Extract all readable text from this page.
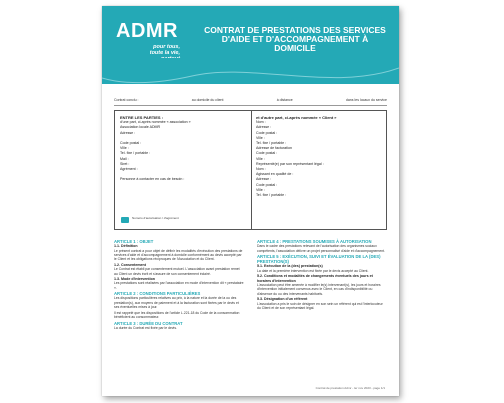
ADMR
pour tous,
toute la vie,
CONTRAT DE PRESTATIONS DES SERVICES D'AIDE ET D'ACCOMPAGNEMENT À DOMICILE
Contrat conclu :	au domicile du client	à distance	dans les locaux du service
ENTRE LES PARTIES :
d'une part, ci-après nommée « association »
Association locale ADMR
Adresse :

Code postal :
Ville :
Tel. fixe / portable :
Mail :
Siret :
Agrément :

Personne à contacter en cas de besoin :
Numéro d'autorisation / d'agrément
et d'autre part, ci-après nommée « Client »
Nom :
Adresse :
Code postal :
Ville :
Tel. fixe / portable :
Adresse de facturation
Code postal :
Ville :
Représenté(e) par son représentant légal :
Nom :
Agissant en qualité de :
Adresse :
Code postal :
Ville :
Tel. fixe / portable :
ARTICLE 1 : OBJET
1.1. Définition
Le présent contrat a pour objet de définir les modalités d'exécution des prestations de services d'aide et d'accompagnement à domicile conformément au devis accepté par le Client et les obligations réciproques de l'Association et du Client.
1.2. Consentement
Le Contrat est établi par consentement mutuel. L'association avant prestation remet au Client un devis écrit et s'assure de son consentement éclairé.
1.3. Mode d'intervention
Les prestations sont réalisées par l'association en mode d'intervention dit « prestataire ».
ARTICLE 2 : CONDITIONS PARTICULIÈRES
Les dispositions particulières relatives au prix, à la nature et la durée de la ou des prestation(s), aux moyens de paiement et à la facturation sont fixées par le devis et ses éventuelles mises à jour.
Il est rappelé que les dispositions de l'article L.221-18 du Code de la consommation bénéficient au consommateur.
ARTICLE 3 : DURÉE DU CONTRAT
La durée du Contrat est fixée par le devis.
ARTICLE 4 : PRESTATIONS SOUMISES À AUTORISATION
Dans le cadre des prestations relevant de l'autorisation des organismes sociaux compétents, l'association délivre un projet personnalisé d'aide et d'accompagnement.
ARTICLE 5 : EXÉCUTION, SUIVI ET ÉVALUATION DE LA (DES) PRESTATION(S)
5.1. Exécution de la (des) prestation(s)
La date et la première intervention est fixée par le devis accepté au Client.
5.2. Conditions et modalités de changements éventuels des jours et horaires d'intervention
L'association peut être amenée à modifier le(s) intervenant(s), les jours et horaires d'intervention initialement convenus avec le Client, en cas d'indisponibilité ou d'absence du ou des intervenants habituels.
5.3. Désignation d'un référent
L'association a pris le soin de désigner en son sein un référent qui est l'interlocuteur du Client et de son représentant légal.
Contrat de prestation Admr - ler nov 2023 - page 1/1
